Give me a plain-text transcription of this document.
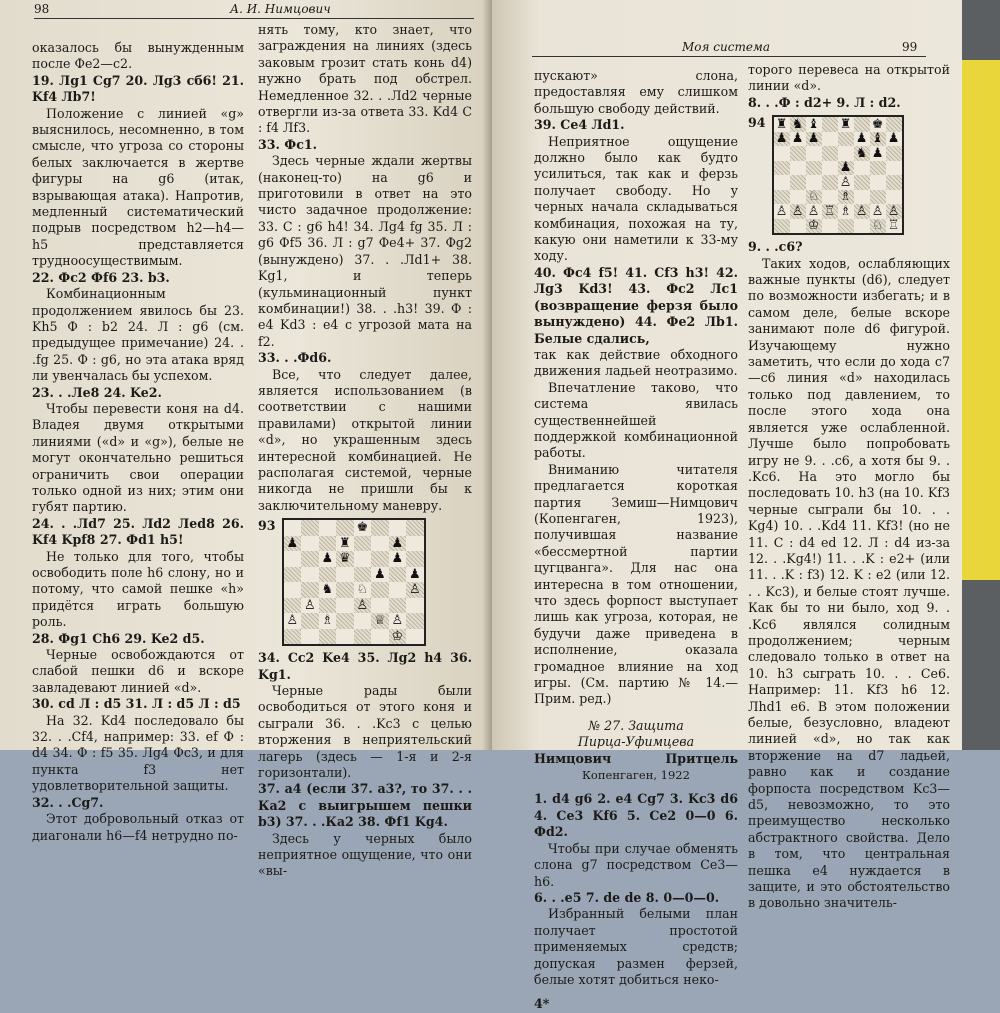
98	А. И. Нимцович

оказалось бы вынужденным после Фе2—с2.

19. Лg1 Cg7 20. Лg3 сб6! 21. Kf4 Лb7!

Положение с линией «g» выяснилось, несомненно, в том смысле, что угроза со стороны белых заключается в жертве фигуры на g6 (итак, взрывающая атака). Напротив, медленный систематический подрыв посредством h2—h4—h5 представляется трудноосуществимым.

22. Фс2 Фf6 23. b3.

Комбинационным продолжением явилось бы 23. Kh5 Ф : b2 24. Л : g6 (см. предыдущее примечание) 24. . .fg 25. Ф : g6, но эта атака вряд ли увенчалась бы успехом.

23. . .Ле8 24. Ke2.

Чтобы перевести коня на d4. Владея двумя открытыми линиями («d» и «g»), белые не могут окончательно решиться ограничить свои операции только одной из них; этим они губят партию.

24. . .Лd7 25. Лd2 Лed8 26. Kf4 Kpf8 27. Фd1 h5!

Не только для того, чтобы освободить поле h6 слону, но и потому, что самой пешке «h» придётся играть большую роль.

28. Фg1 Ch6 29. Ke2 d5.

Черные освобождаются от слабой пешки d6 и вскоре завладевают линией «d».

30. cd Л : d5 31. Л : d5 Л : d5

На 32. Kd4 последовало бы 32. . .Cf4, например: 33. ef Ф : d4 34. Ф : f5 35. Лg4 Фс3, и для пункта f3 нет удовлетворительной защиты.

32. . .Cg7.

Этот добровольный отказ от диагонали h6—f4 нетрудно по-

нять тому, кто знает, что заграждения на линиях (здесь заковым грозит стать конь d4) нужно брать под обстрел. Немедленное 32. . .Лd2 черные отвергли из-за ответа 33. Kd4 C : f4 Лf3.

33. Фс1.

Здесь черные ждали жертвы (наконец-то) на g6 и приготовили в ответ на это чисто задачное продолжение: 33. C : g6 h4! 34. Лg4 fg 35. Л : g6 Фf5 36. Л : g7 Фе4+ 37. Фg2 (вынуждено) 37. . .Лd1+ 38. Kg1, и теперь (кульминационный пункт комбинации!) 38. . .h3! 39. Ф : е4 Kd3 : е4 с угрозой мата на f2.

33. . .Фd6.

Все, что следует далее, является использованием (в соответствии с нашими правилами) открытой линии «d», но украшенным здесь интересной комбинацией. Не располагая системой, черные никогда не пришли бы к заключительному маневру.

93	♚
♟	♜	♟
♟ ♛	♟
♟ ♟
♞ ♘	♙
♙	♙
♙ ♗	♕ ♙
♔

34. Cc2 Ke4 35. Лg2 h4 36. Kg1.

Черные рады были освободиться от этого коня и сыграли 36. . .Kc3 с целью вторжения в неприятельский лагерь (здесь — 1-я и 2-я горизонтали).

37. a4 (если 37. a3?, то 37. . . Ка2 с выигрышем пешки b3) 37. . .Ка2 38. Фf1 Kg4.

Здесь у черных было неприятное ощущение, что они «вы-

Моя система	99

пускают» слона, предоставляя ему слишком большую свободу действий.

39. Се4 Лd1.

Неприятное ощущение должно было как будто усилиться, так как и ферзь получает свободу. Но у черных начала складываться комбинация, похожая на ту, какую они наметили к 33-му ходу.

40. Фс4 f5! 41. Cf3 h3! 42. Лg3 Kd3! 43. Фс2 Лс1 (возвращение ферзя было вынуждено) 44. Фе2 Лb1. Белые сдались,

так как действие обходного движения ладьей неотразимо.

Впечатление таково, что система явилась существеннейшей поддержкой комбинационной работы.

Вниманию читателя предлагается короткая партия Земиш—Нимцович (Копенгаген, 1923), получившая название «бессмертной партии цугцванга». Для нас она интересна в том отношении, что здесь форпост выступает лишь как угроза, которая, не будучи даже приведена в исполнение, оказала громадное влияние на ход игры. (См. партию № 14.— Прим. ред.)

№ 27. Защита
Пирца-Уфимцева
Нимцович	Притцель
Копенгаген, 1922

1. d4 g6 2. e4 Cg7 3. Kc3 d6 4. Ce3 Kf6 5. Ce2 0—0 6. Фd2.

Чтобы при случае обменять слона g7 посредством Ce3—h6.

6. . .e5 7. de de 8. 0—0—0.

Избранный белыми план получает простотой применяемых средств; допуская размен ферзей, белые хотят добиться неко-

4*

торого перевеса на открытой линии «d».

8. . .Ф : d2+ 9. Л : d2.

94 ♜ ♞ ♝ ♜ ♚
♟ ♟ ♟	♟ ♝ ♟
♞ ♟
♟
♙
♘ ♗
♙ ♙ ♙ ♖ ♗ ♙ ♙ ♙
♔	♘ ♖

9. . .c6?

Таких ходов, ослабляющих важные пункты (d6), следует по возможности избегать; и в самом деле, белые вскоре занимают поле d6 фигурой. Изучающему нужно заметить, что если до хода c7—c6 линия «d» находилась только под давлением, то после этого хода она является уже ослабленной. Лучше было попробовать игру не 9. . .c6, а хотя бы 9. . .Kc6. На это могло бы последовать 10. h3 (на 10. Kf3 черные сыграли бы 10. . . Kg4) 10. . .Kd4 11. Kf3! (но не 11. C : d4 ed 12. Л : d4 из-за 12. . .Kg4!) 11. . .K : e2+ (или 11. . .K : f3) 12. K : e2 (или 12. . . Kc3), и белые стоят лучше. Как бы то ни было, ход 9. . .Kc6 являлся солидным продолжением; черным следовало только в ответ на 10. h3 сыграть 10. . . Ce6. Например: 11. Kf3 h6 12. Лhd1 e6. В этом положении белые, безусловно, владеют линией «d», но так как вторжение на d7 ладьей, равно как и создание форпоста посредством Kc3—d5, невозможно, то это преимущество несколько абстрактного свойства. Дело в том, что центральная пешка e4 нуждается в защите, и это обстоятельство в довольно значитель-
